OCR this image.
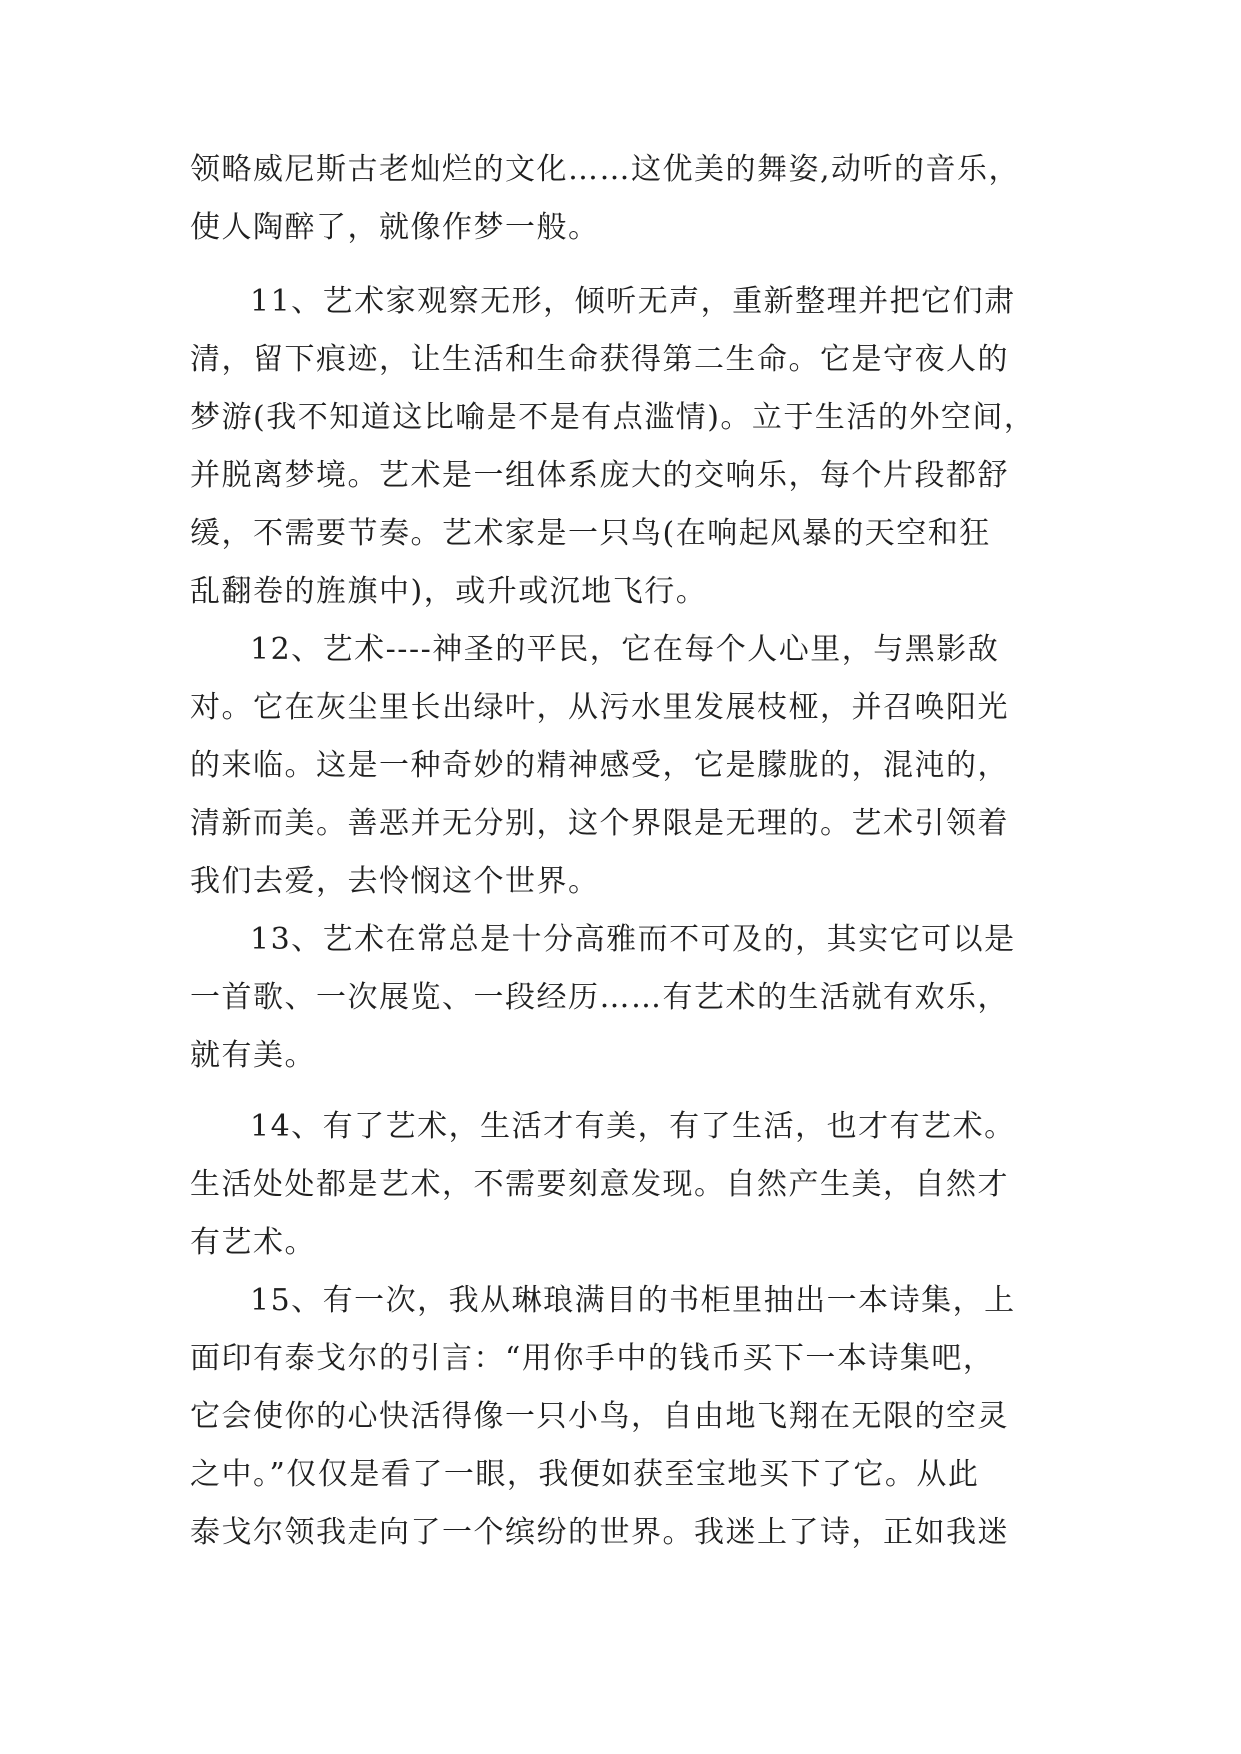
领略威尼斯古老灿烂的文化……这优美的舞姿,动听的音乐，
使人陶醉了，就像作梦一般。
11、艺术家观察无形，倾听无声，重新整理并把它们肃
清，留下痕迹，让生活和生命获得第二生命。它是守夜人的
梦游(我不知道这比喻是不是有点滥情)。立于生活的外空间，
并脱离梦境。艺术是一组体系庞大的交响乐，每个片段都舒
缓，不需要节奏。艺术家是一只鸟(在响起风暴的天空和狂
乱翻卷的旌旗中)，或升或沉地飞行。
12、艺术----神圣的平民，它在每个人心里，与黑影敌
对。它在灰尘里长出绿叶，从污水里发展枝桠，并召唤阳光
的来临。这是一种奇妙的精神感受，它是朦胧的，混沌的，
清新而美。善恶并无分别，这个界限是无理的。艺术引领着
我们去爱，去怜悯这个世界。
13、艺术在常总是十分高雅而不可及的，其实它可以是
一首歌、一次展览、一段经历……有艺术的生活就有欢乐，
就有美。
14、有了艺术，生活才有美，有了生活，也才有艺术。
生活处处都是艺术，不需要刻意发现。自然产生美，自然才
有艺术。
15、有一次，我从琳琅满目的书柜里抽出一本诗集，上
面印有泰戈尔的引言：“用你手中的钱币买下一本诗集吧，
它会使你的心快活得像一只小鸟，自由地飞翔在无限的空灵
之中。”仅仅是看了一眼，我便如获至宝地买下了它。从此
泰戈尔领我走向了一个缤纷的世界。我迷上了诗，正如我迷
